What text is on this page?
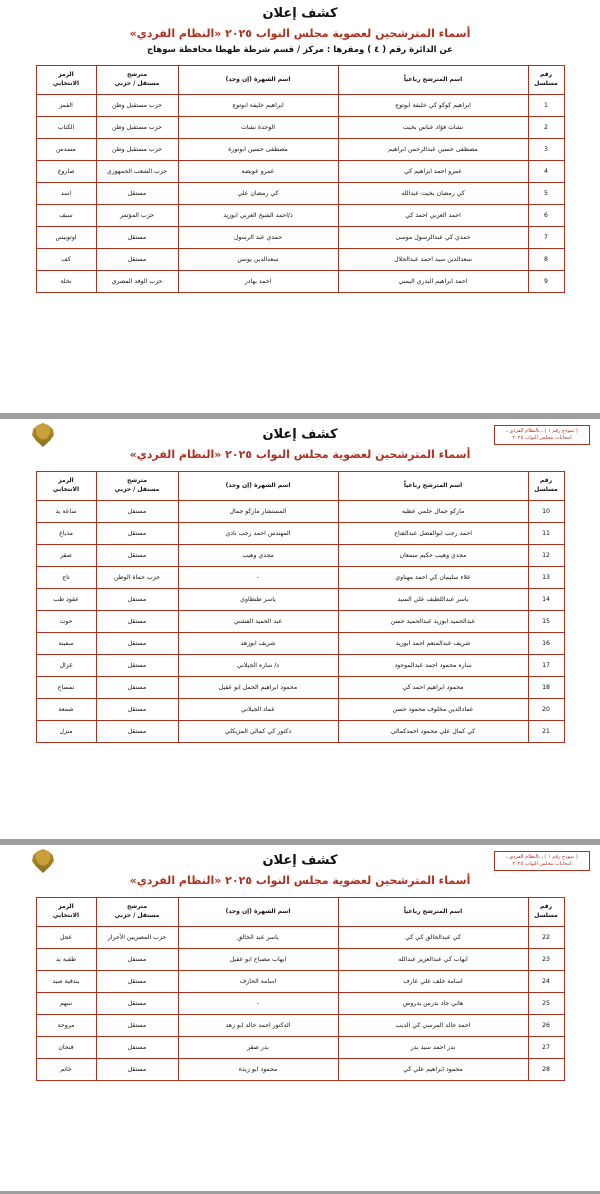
كشف إعلان
أسماء المترشحين لعضوية مجلس النواب ٢٠٢٥ «النظام الفردي»
عن الدائرة رقم ( ٤ ) ومقرها : مركز / قسم شرطة طهطا محافظة سوهاج
رقم
مسلسل	اسم المترشح رباعياً	اسم الشهرة (إن وجد)	مترشح
مستقل / حزبي	الرمز
الانتخابي
1	ابراهيم كوكو كي خليفة ابوتوج	ابراهيم خليفة ابوتوج	حزب مستقبل وطن	القمر
2	نشات فؤاد عباس بخيت	الوحدة نشات	حزب مستقبل وطن	الكتاب
3	مصطفى حسين عبدالرحمن ابراهيم	مصطفى حسين ابونورة	حزب مستقبل وطن	مسدس
4	عمرو احمد ابراهيم كي	عمرو عويضة	حزب الشعب الجمهوري	صاروخ
5	كي رمضان بخيت عبدالله	كي رمضان علي	مستقل	اسد
6	احمد العربي احمد كي	د/احمد الشيخ العربي ابوزيد	حزب المؤتمر	سيف
7	حمدي كي عبدالرسول موسى	حمدي عبد الرسول	مستقل	اوتوبيس
8	سعدالدين سيد احمد عبدالجلال	سعدالدين يونس	مستقل	كف
9	احمد ابراهيم البدري اليمني	احمد بهادر	حزب الوفد المصري	نخلة
( نموذج رقم ١ ) ـ بالنظام الفردي ـ
انتخابات مجلس النواب ٢٠٢٥
كشف إعلان
أسماء المترشحين لعضوية مجلس النواب ٢٠٢٥ «النظام الفردي»
رقم
مسلسل	اسم المترشح رباعياً	اسم الشهرة (إن وجد)	مترشح
مستقل / حزبي	الرمز
الانتخابي
10	ماركو جمال حلمي عطيه	المستشار ماركو جمال	مستقل	ساعة يد
11	احمد رجب ابوالفضل عبدالفتاح	المهندس احمد رجب نادي	مستقل	مذياع
12	مجدي وهيب حكيم سمعان	مجدي وهيب	مستقل	صقر
13	علاء سليمان كي احمد مهناوي	-	حزب حماة الوطن	تاج
14	ياسر عبداللطيف علي السيد	ياسر طنطاوي	مستقل	عقود طب
15	عبدالحميد ابوزيد عبدالحميد حسن	عبد الحميد الفشني	مستقل	حوت
16	شريف عبدالمنعم احمد ابوزيد	شريف ابوزهد	مستقل	سفينة
17	ساره محمود احمد عبدالموجود	د/ ساره الجيلاني	مستقل	غزال
18	محمود ابراهيم احمد كي	محمود ابراهيم الجمل ابو عقيل	مستقل	تمساح
20	عمادالدين مخلوف محمود حسن	عماد الجيلاني	مستقل	شمعة
21	كي كمال علي محمود احمدكمالي	دكتور كي كمالي المزيكلي	مستقل	منزل
( نموذج رقم ١ ) ـ بالنظام الفردي ـ
انتخابات مجلس النواب ٢٠٢٥
كشف إعلان
أسماء المترشحين لعضوية مجلس النواب ٢٠٢٥ «النظام الفردي»
رقم
مسلسل	اسم المترشح رباعياً	اسم الشهرة (إن وجد)	مترشح
مستقل / حزبي	الرمز
الانتخابي
22	كي عبدالخالق كي كي	ياسر عبد الخالق	حزب المصريين الأحرار	عجل
23	ايهاب كي عبدالعزيز عبدالله	ايهاب مصباح ابو عقيل	مستقل	طقية يد
24	اسامة خلف علي عارف	اسامة الحارف	مستقل	بندقية صيد
25	هاني جاد بدرس بدروس	-	مستقل	سهم
26	احمد خالد المرسي كي الديب	الدكتور احمد خالد ابو زهد	مستقل	مروحة
27	بدر احمد سيد بدر	بدر صقر	مستقل	فنجان
28	محمود ابراهيم علي كي	محمود ابو زيدة	مستقل	خاتم
